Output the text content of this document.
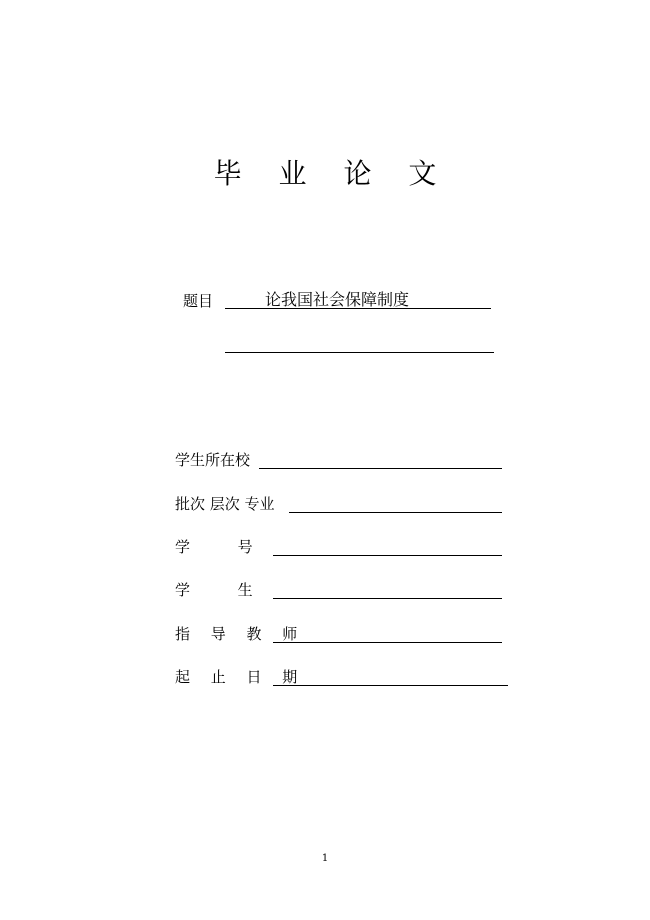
毕 业 论 文
题目	论我国社会保障制度
学生所在校
批次 层次 专业
学          号
学          生
指 导 教 师
起 止 日 期
1
